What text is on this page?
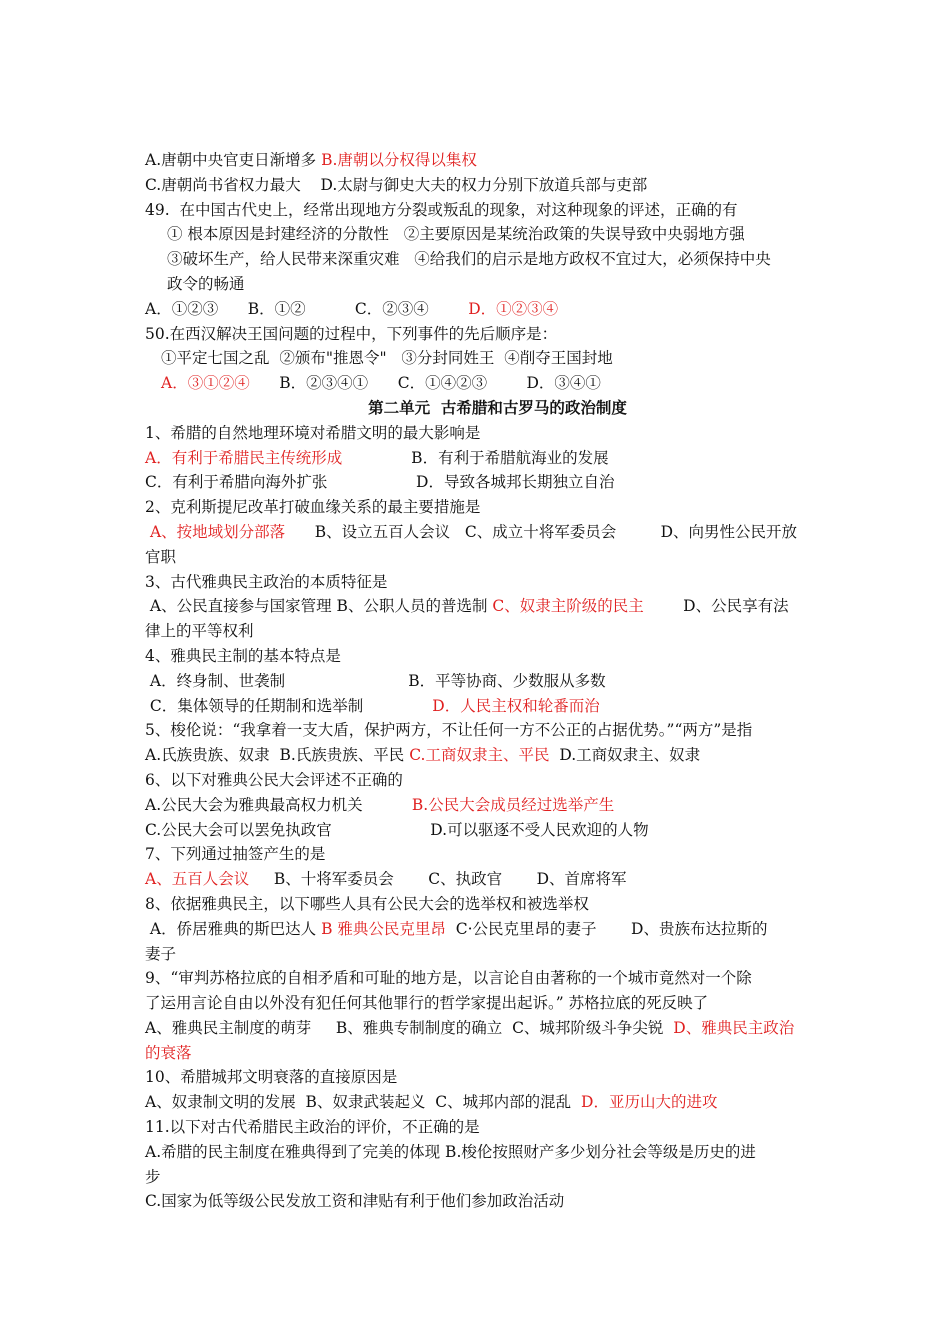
A.唐朝中央官吏日渐增多 B.唐朝以分权得以集权
C.唐朝尚书省权力最大    D.太尉与御史大夫的权力分别下放道兵部与吏部
49.  在中国古代史上，经常出现地方分裂或叛乱的现象，对这种现象的评述，正确的有
① 根本原因是封建经济的分散性   ②主要原因是某统治政策的失误导致中央弱地方强
③破坏生产，给人民带来深重灾难   ④给我们的启示是地方政权不宜过大，必须保持中央
政令的畅通
A．①②③      B．①②          C．②③④        D．①②③④
50.在西汉解决王国问题的过程中，下列事件的先后顺序是：
①平定七国之乱  ②颁布"推恩令"   ③分封同姓王  ④削夺王国封地
A．③①②④      B．②③④①      C．①④②③        D．③④①
第二单元  古希腊和古罗马的政治制度
1、希腊的自然地理环境对希腊文明的最大影响是
A．有利于希腊民主传统形成              B．有利于希腊航海业的发展
C．有利于希腊向海外扩张                  D．导致各城邦长期独立自治
2、克利斯提尼改革打破血缘关系的最主要措施是
A、按地域划分部落      B、设立五百人会议   C、成立十将军委员会         D、向男性公民开放
官职
3、古代雅典民主政治的本质特征是
A、公民直接参与国家管理 B、公职人员的普选制 C、奴隶主阶级的民主        D、公民享有法
律上的平等权利
4、雅典民主制的基本特点是
A．终身制、世袭制                         B．平等协商、少数服从多数
C．集体领导的任期制和选举制              D．人民主权和轮番而治
5、梭伦说：“我拿着一支大盾，保护两方，不让任何一方不公正的占据优势。”“两方”是指
A.氏族贵族、奴隶  B.氏族贵族、平民 C.工商奴隶主、平民  D.工商奴隶主、奴隶
6、以下对雅典公民大会评述不正确的
A.公民大会为雅典最高权力机关          B.公民大会成员经过选举产生
C.公民大会可以罢免执政官                    D.可以驱逐不受人民欢迎的人物
7、下列通过抽签产生的是
A、五百人会议     B、十将军委员会       C、执政官       D、首席将军
8、依据雅典民主，以下哪些人具有公民大会的选举权和被选举权
A．侨居雅典的斯巴达人 B 雅典公民克里昂  C·公民克里昂的妻子       D、贵族布达拉斯的
妻子
9、“审判苏格拉底的自相矛盾和可耻的地方是，以言论自由著称的一个城市竟然对一个除
了运用言论自由以外没有犯任何其他罪行的哲学家提出起诉。” 苏格拉底的死反映了
A、雅典民主制度的萌芽     B、雅典专制制度的确立  C、城邦阶级斗争尖锐  D、雅典民主政治
的衰落
10、希腊城邦文明衰落的直接原因是
A、奴隶制文明的发展  B、奴隶武装起义  C、城邦内部的混乱  D．亚历山大的进攻
11.以下对古代希腊民主政治的评价，不正确的是
A.希腊的民主制度在雅典得到了完美的体现 B.梭伦按照财产多少划分社会等级是历史的进
步
C.国家为低等级公民发放工资和津贴有利于他们参加政治活动
